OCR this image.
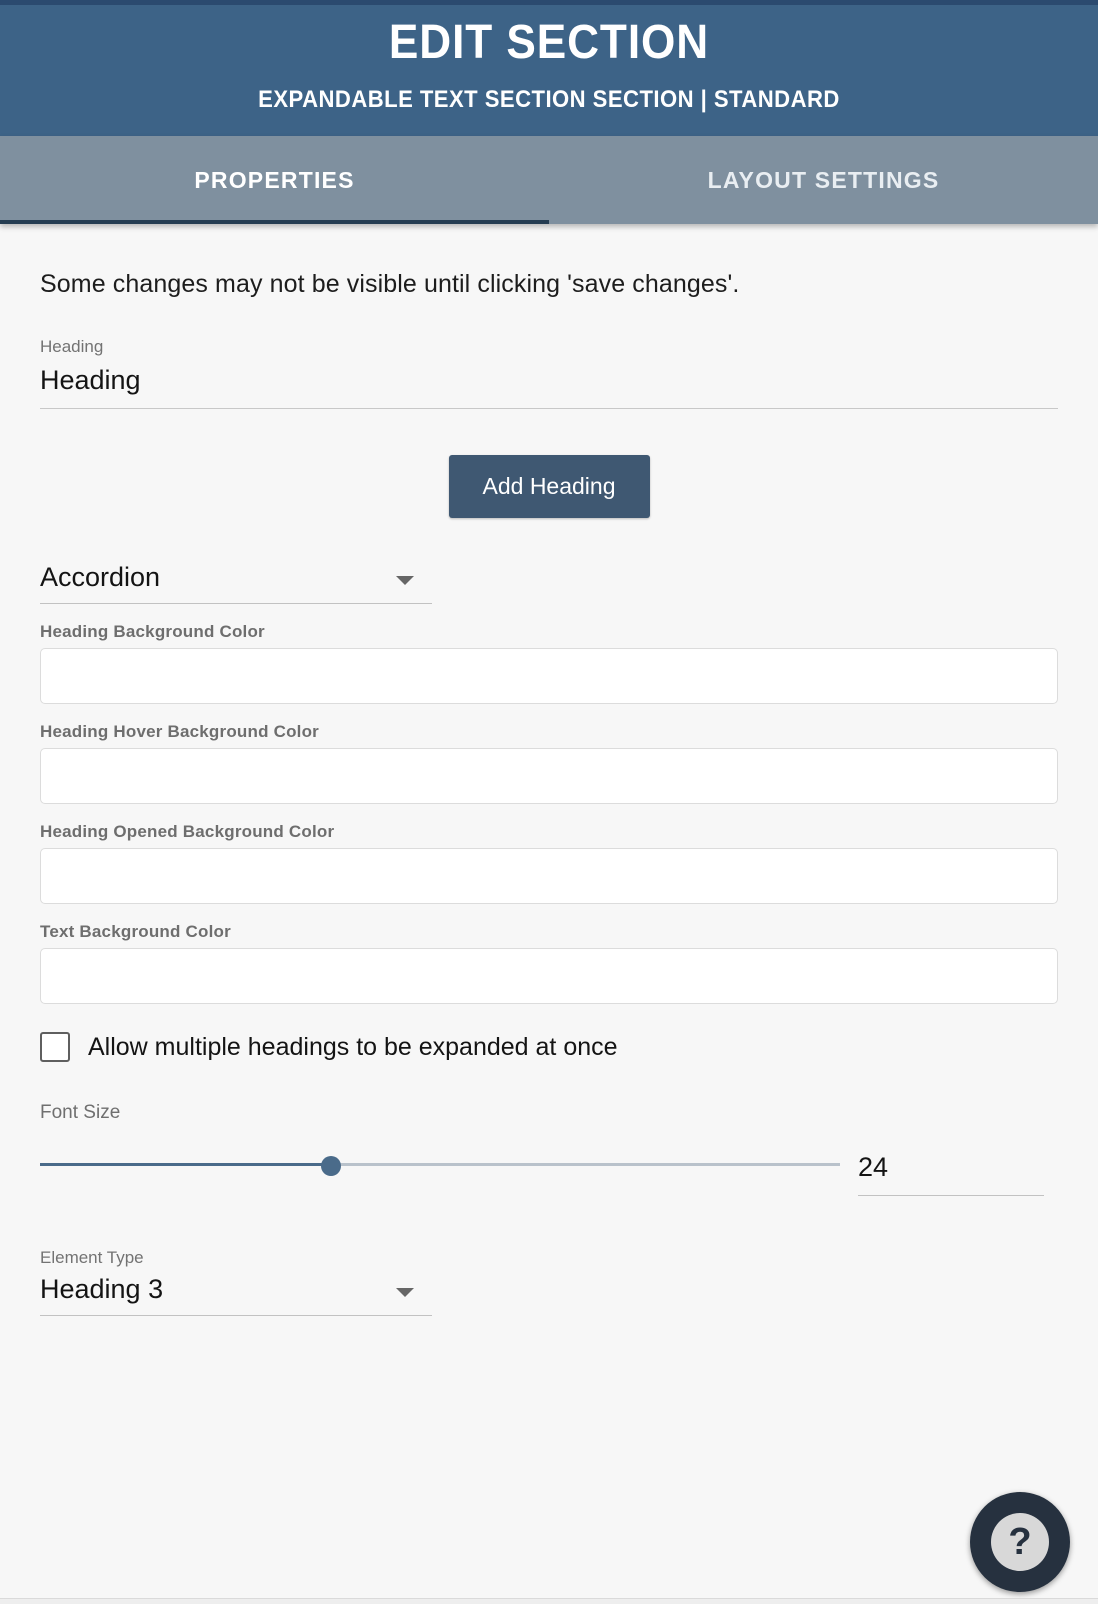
EDIT SECTION
EXPANDABLE TEXT SECTION SECTION | STANDARD
PROPERTIES	LAYOUT SETTINGS
Some changes may not be visible until clicking 'save changes'.
Heading
Heading
Add Heading
Accordion
Heading Background Color
Heading Hover Background Color
Heading Opened Background Color
Text Background Color
Allow multiple headings to be expanded at once
Font Size
24
Element Type
Heading 3
?
